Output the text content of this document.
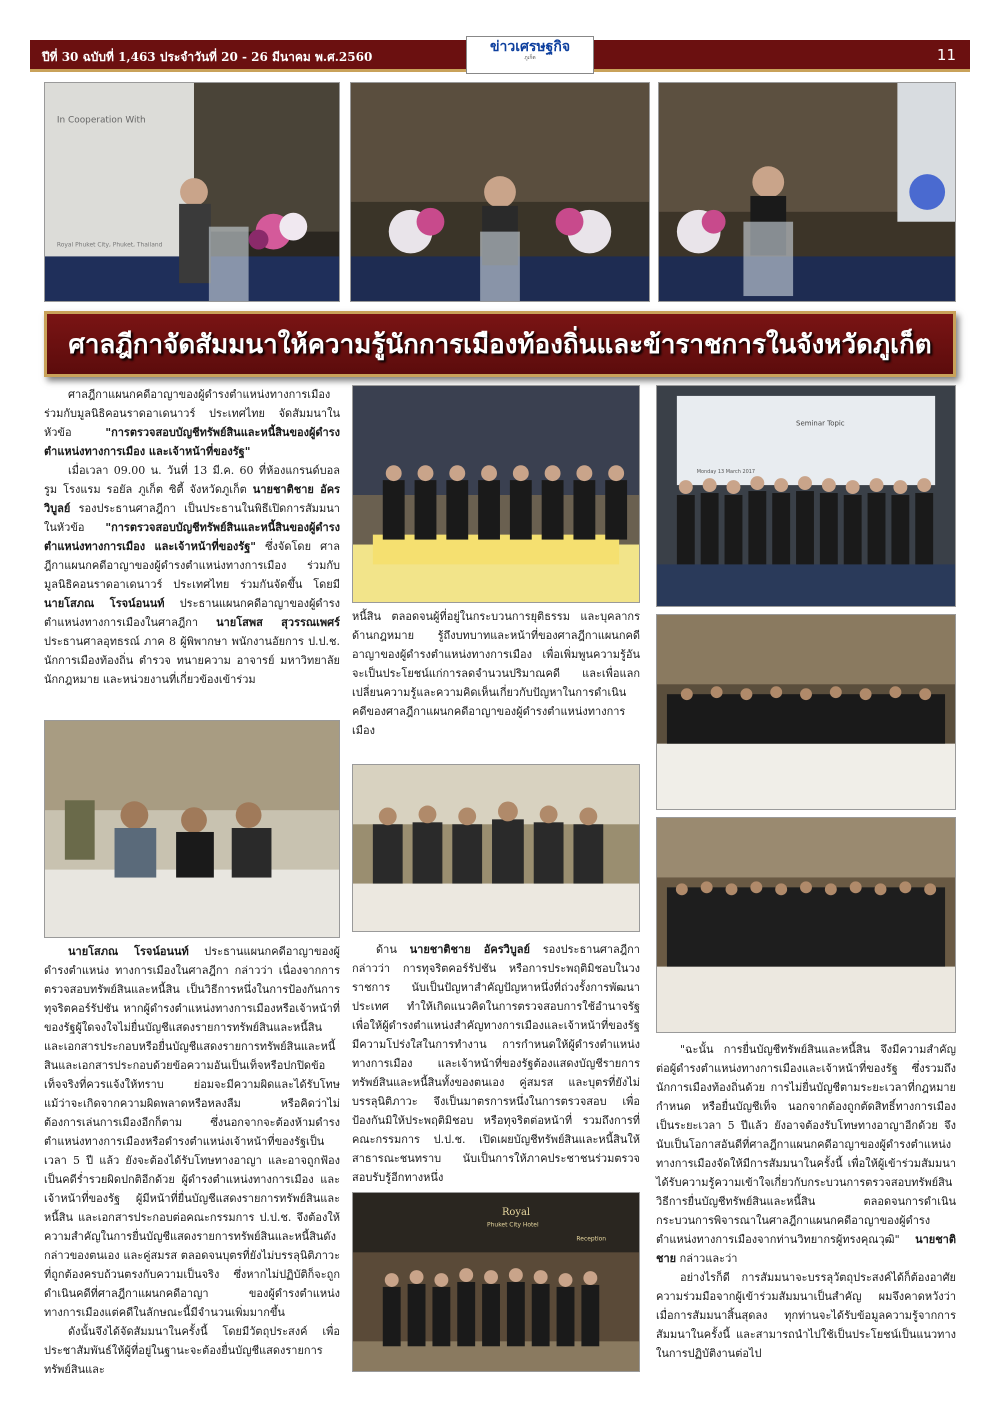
ปีที่ 30 ฉบับที่ 1,463 ประจำวันที่ 20 - 26 มีนาคม พ.ศ.2560
ข่าวเศรษฐกิจ
ภูเก็ต	11
In Cooperation With
Royal Phuket City, Phuket, Thailand
ศาลฎีกาจัดสัมมนาให้ความรู้นักการเมืองท้องถิ่นและข้าราชการในจังหวัดภูเก็ต

ศาลฎีกาแผนกคดีอาญาของผู้ดำรงตำแหน่งทางการเมืองร่วมกับมูลนิธิคอนราดอาเดนาวร์ ประเทศไทย จัดสัมมนาในหัวข้อ "การตรวจสอบบัญชีทรัพย์สินและหนี้สินของผู้ดำรงตำแหน่งทางการเมือง และเจ้าหน้าที่ของรัฐ"

เมื่อเวลา 09.00 น. วันที่ 13 มี.ค. 60 ที่ห้องแกรนด์บอลรูม โรงแรม รอยัล ภูเก็ต ซิตี้ จังหวัดภูเก็ต นายชาติชาย อัครวิบูลย์ รองประธานศาลฎีกา เป็นประธานในพิธีเปิดการสัมมนาในหัวข้อ "การตรวจสอบบัญชีทรัพย์สินและหนี้สินของผู้ดำรงตำแหน่งทางการเมือง และเจ้าหน้าที่ของรัฐ" ซึ่งจัดโดย ศาลฎีกาแผนกคดีอาญาของผู้ดำรงตำแหน่งทางการเมือง ร่วมกับ มูลนิธิคอนราดอาเดนาวร์ ประเทศไทย ร่วมกันจัดขึ้น โดยมี นายโสภณ โรจน์อนนท์ ประธานแผนกคดีอาญาของผู้ดำรงตำแหน่งทางการเมืองในศาลฎีกา นายโสพส สุวรรณเพศร์ ประธานศาลอุทธรณ์ ภาค 8 ผู้พิพากษา พนักงานอัยการ ป.ป.ช. นักการเมืองท้องถิ่น ตำรวจ ทนายความ อาจารย์ มหาวิทยาลัย นักกฎหมาย และหน่วยงานที่เกี่ยวข้องเข้าร่วม

นายโสภณ โรจน์อนนท์ ประธานแผนกคดีอาญาของผู้ดำรงตำแหน่ง ทางการเมืองในศาลฎีกา กล่าวว่า เนื่องจากการตรวจสอบทรัพย์สินและหนี้สิน เป็นวิธีการหนึ่งในการป้องกันการทุจริตคอร์รัปชัน หากผู้ดำรงตำแหน่งทางการเมืองหรือเจ้าหน้าที่ของรัฐผู้ใดจงใจไม่ยื่นบัญชีแสดงรายการทรัพย์สินและหนี้สิน และเอกสารประกอบหรือยื่นบัญชีแสดงรายการทรัพย์สินและหนี้สินและเอกสารประกอบด้วยข้อความอันเป็นเท็จหรือปกปิดข้อเท็จจริงที่ควรแจ้งให้ทราบ ย่อมจะมีความผิดและได้รับโทษ แม้ว่าจะเกิดจากความผิดพลาดหรือหลงลืม หรือคิดว่าไม่ต้องการเล่นการเมืองอีกก็ตาม ซึ่งนอกจากจะต้องห้ามดำรงตำแหน่งทางการเมืองหรือดำรงตำแหน่งเจ้าหน้าที่ของรัฐเป็นเวลา 5 ปี แล้ว ยังจะต้องได้รับโทษทางอาญา และอาจถูกฟ้องเป็นคดีร่ำรวยผิดปกติอีกด้วย ผู้ดำรงตำแหน่งทางการเมือง และเจ้าหน้าที่ของรัฐ ผู้มีหน้าที่ยื่นบัญชีแสดงรายการทรัพย์สินและหนี้สิน และเอกสารประกอบต่อคณะกรรมการ ป.ป.ช. จึงต้องให้ความสำคัญในการยื่นบัญชีแสดงรายการทรัพย์สินและหนี้สินดังกล่าวของตนเอง และคู่สมรส ตลอดจนบุตรที่ยังไม่บรรลุนิติภาวะที่ถูกต้องครบถ้วนตรงกับความเป็นจริง ซึ่งหากไม่ปฏิบัติก็จะถูกดำเนินคดีที่ศาลฎีกาแผนกคดีอาญา ของผู้ดำรงตำแหน่งทางการเมืองแต่คดีในลักษณะนี้มีจำนวนเพิ่มมากขึ้น

ดังนั้นจึงได้จัดสัมมนาในครั้งนี้ โดยมีวัตถุประสงค์ เพื่อประชาสัมพันธ์ให้ผู้ที่อยู่ในฐานะจะต้องยื่นบัญชีแสดงรายการทรัพย์สินและ

หนี้สิน ตลอดจนผู้ที่อยู่ในกระบวนการยุติธรรม และบุคลากรด้านกฎหมาย รู้ถึงบทบาทและหน้าที่ของศาลฎีกาแผนกคดีอาญาของผู้ดำรงตำแหน่งทางการเมือง เพื่อเพิ่มพูนความรู้อันจะเป็นประโยชน์แก่การลดจำนวนปริมาณคดี และเพื่อแลกเปลี่ยนความรู้และความคิดเห็นเกี่ยวกับปัญหาในการดำเนินคดีของศาลฎีกาแผนกคดีอาญาของผู้ดำรงตำแหน่งทางการเมือง

ด้าน นายชาติชาย อัครวิบูลย์ รองประธานศาลฎีกา กล่าวว่า การทุจริตคอร์รัปชัน หรือการประพฤติมิชอบในวงราชการ นับเป็นปัญหาสำคัญปัญหาหนึ่งที่ถ่วงรั้งการพัฒนาประเทศ ทำให้เกิดแนวคิดในการตรวจสอบการใช้อำนาจรัฐ เพื่อให้ผู้ดำรงตำแหน่งสำคัญทางการเมืองและเจ้าหน้าที่ของรัฐมีความโปร่งใสในการทำงาน การกำหนดให้ผู้ดำรงตำแหน่งทางการเมือง และเจ้าหน้าที่ของรัฐต้องแสดงบัญชีรายการทรัพย์สินและหนี้สินทั้งของตนเอง คู่สมรส และบุตรที่ยังไม่บรรลุนิติภาวะ จึงเป็นมาตรการหนึ่งในการตรวจสอบ เพื่อป้องกันมิให้ประพฤติมิชอบ หรือทุจริตต่อหน้าที่ รวมถึงการที่คณะกรรมการ ป.ป.ช. เปิดเผยบัญชีทรัพย์สินและหนี้สินให้สาธารณะชนทราบ นับเป็นการให้ภาคประชาชนร่วมตรวจสอบรับรู้อีกทางหนึ่ง

Royal
Phuket City Hotel
Reception
Seminar Topic
Monday 13 March 2017

"ฉะนั้น การยื่นบัญชีทรัพย์สินและหนี้สิน จึงมีความสำคัญต่อผู้ดำรงตำแหน่งทางการเมืองและเจ้าหน้าที่ของรัฐ ซึ่งรวมถึงนักการเมืองท้องถิ่นด้วย การไม่ยื่นบัญชีตามระยะเวลาที่กฎหมาย กำหนด หรือยื่นบัญชีเท็จ นอกจากต้องถูกตัดสิทธิ์ทางการเมือง เป็นระยะเวลา 5 ปีแล้ว ยังอาจต้องรับโทษทางอาญาอีกด้วย จึงนับเป็นโอกาสอันดีที่ศาลฎีกาแผนกคดีอาญาของผู้ดำรงตำแหน่งทางการเมืองจัดให้มีการสัมมนาในครั้งนี้ เพื่อให้ผู้เข้าร่วมสัมมนาได้รับความรู้ความเข้าใจเกี่ยวกับกระบวนการตรวจสอบทรัพย์สิน วิธีการยื่นบัญชีทรัพย์สินและหนี้สิน ตลอดจนการดำเนินกระบวนการพิจารณาในศาลฎีกาแผนกคดีอาญาของผู้ดำรงตำแหน่งทางการเมืองจากท่านวิทยากรผู้ทรงคุณวุฒิ" นายชาติชาย กล่าวและว่า

อย่างไรก็ดี การสัมมนาจะบรรลุวัตถุประสงค์ได้ก็ต้องอาศัยความร่วมมือจากผู้เข้าร่วมสัมมนาเป็นสำคัญ ผมจึงคาดหวังว่า เมื่อการสัมมนาสิ้นสุดลง ทุกท่านจะได้รับข้อมูลความรู้จากการสัมมนาในครั้งนี้ และสามารถนำไปใช้เป็นประโยชน์เป็นแนวทางในการปฏิบัติงานต่อไป
